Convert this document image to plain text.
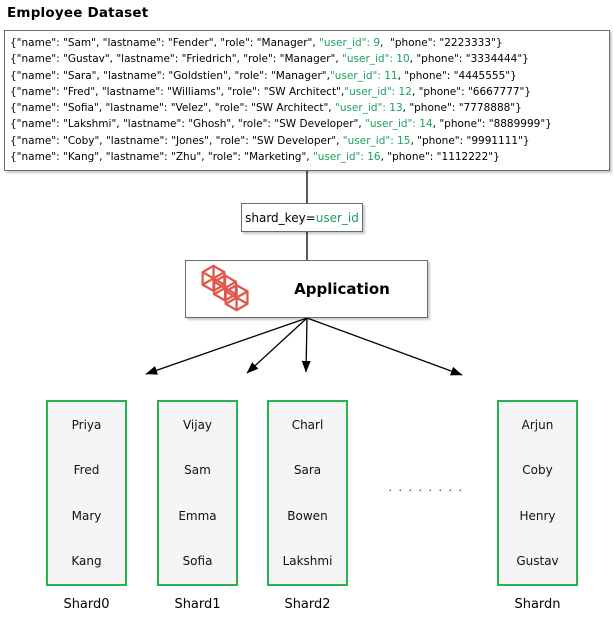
Employee Dataset
{"name": "Sam", "lastname": "Fender", "role": "Manager", "user_id": 9,  "phone": "2223333"}
{"name": "Gustav", "lastname": "Friedrich", "role": "Manager", "user_id": 10, "phone": "3334444"}
{"name": "Sara", "lastname": "Goldstien", "role": "Manager","user_id": 11, "phone": "4445555"}
{"name": "Fred", "lastname": "Williams", "role": "SW Architect","user_id": 12, "phone": "6667777"}
{"name": "Sofia", "lastname": "Velez", "role": "SW Architect", "user_id": 13, "phone": "7778888"}
{"name": "Lakshmi", "lastname": "Ghosh", "role": "SW Developer", "user_id": 14, "phone": "8889999"}
{"name": "Coby", "lastname": "Jones", "role": "SW Developer", "user_id": 15, "phone": "9991111"}
{"name": "Kang", "lastname": "Zhu", "role": "Marketing", "user_id": 16, "phone": "1112222"}
shard_key= user_id
Application
Priya
Fred
Mary
Kang
Vijay
Sam
Emma
Sofia
Charl
Sara
Bowen
Lakshmi
. . . . . . . .
Arjun
Coby
Henry
Gustav
Shard0	Shard1	Shard2	Shardn
